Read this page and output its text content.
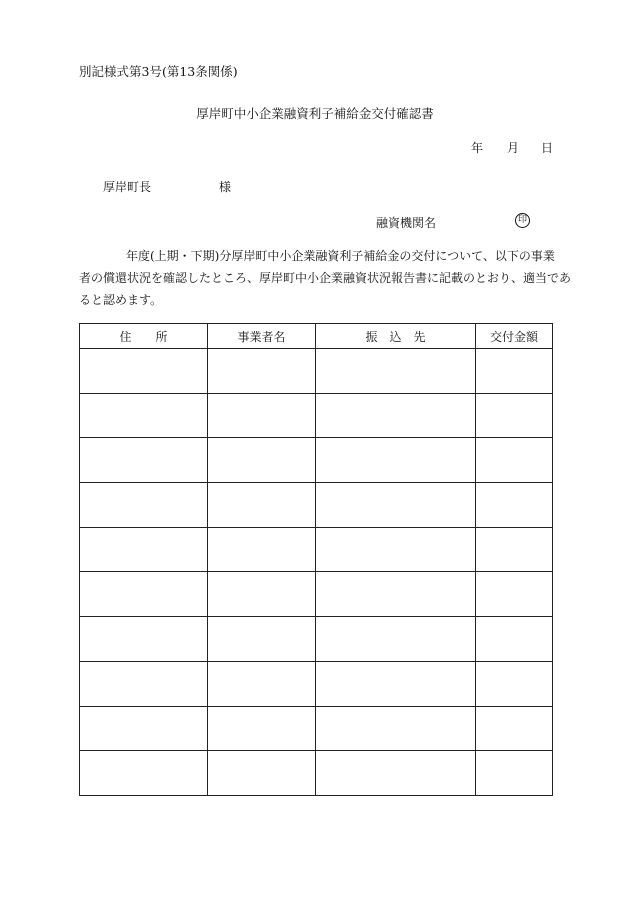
別記様式第3号(第13条関係)
厚岸町中小企業融資利子補給金交付確認書
年 月 日
厚岸町長	様
融資機関名	印
年度(上期・下期)分厚岸町中小企業融資利子補給金の交付について、以下の事業
者の償還状況を確認したところ、厚岸町中小企業融資状況報告書に記載のとおり、適当であ
ると認めます。
住　　所	事業者名	振　込　先	交付金額
